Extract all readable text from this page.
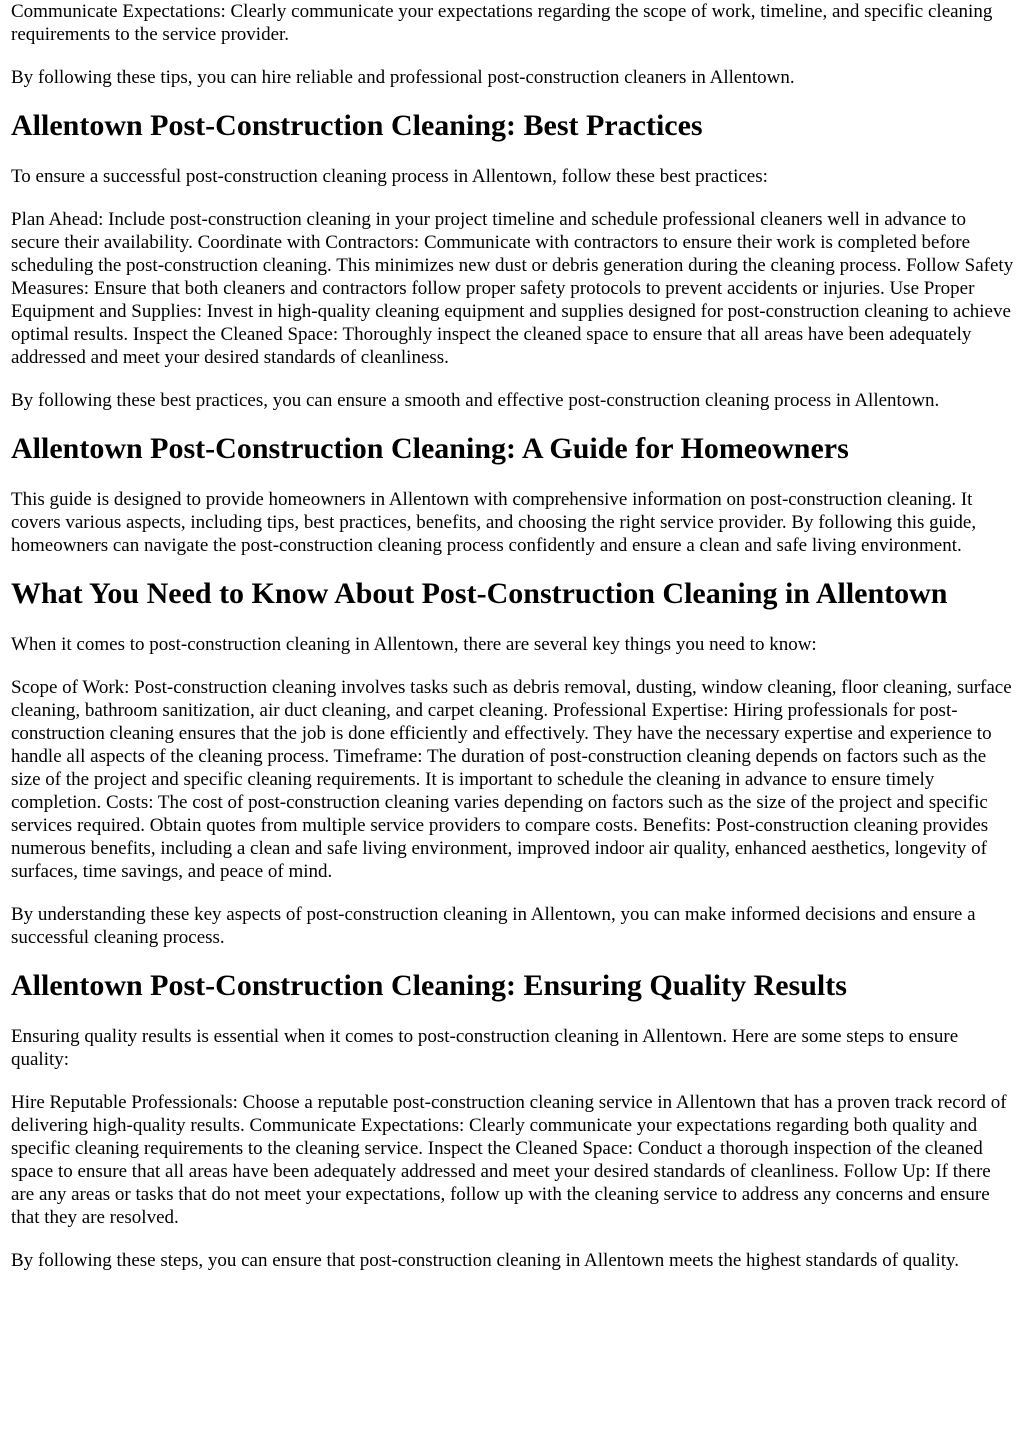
Communicate Expectations: Clearly communicate your expectations regarding the scope of work, timeline, and specific cleaning requirements to the service provider.

By following these tips, you can hire reliable and professional post-construction cleaners in Allentown.

Allentown Post-Construction Cleaning: Best Practices

To ensure a successful post-construction cleaning process in Allentown, follow these best practices:

Plan Ahead: Include post-construction cleaning in your project timeline and schedule professional cleaners well in advance to secure their availability. Coordinate with Contractors: Communicate with contractors to ensure their work is completed before scheduling the post-construction cleaning. This minimizes new dust or debris generation during the cleaning process. Follow Safety Measures: Ensure that both cleaners and contractors follow proper safety protocols to prevent accidents or injuries. Use Proper Equipment and Supplies: Invest in high-quality cleaning equipment and supplies designed for post-construction cleaning to achieve optimal results. Inspect the Cleaned Space: Thoroughly inspect the cleaned space to ensure that all areas have been adequately addressed and meet your desired standards of cleanliness.

By following these best practices, you can ensure a smooth and effective post-construction cleaning process in Allentown.

Allentown Post-Construction Cleaning: A Guide for Homeowners

This guide is designed to provide homeowners in Allentown with comprehensive information on post-construction cleaning. It covers various aspects, including tips, best practices, benefits, and choosing the right service provider. By following this guide, homeowners can navigate the post-construction cleaning process confidently and ensure a clean and safe living environment.

What You Need to Know About Post-Construction Cleaning in Allentown

When it comes to post-construction cleaning in Allentown, there are several key things you need to know:

Scope of Work: Post-construction cleaning involves tasks such as debris removal, dusting, window cleaning, floor cleaning, surface cleaning, bathroom sanitization, air duct cleaning, and carpet cleaning. Professional Expertise: Hiring professionals for post-construction cleaning ensures that the job is done efficiently and effectively. They have the necessary expertise and experience to handle all aspects of the cleaning process. Timeframe: The duration of post-construction cleaning depends on factors such as the size of the project and specific cleaning requirements. It is important to schedule the cleaning in advance to ensure timely completion. Costs: The cost of post-construction cleaning varies depending on factors such as the size of the project and specific services required. Obtain quotes from multiple service providers to compare costs. Benefits: Post-construction cleaning provides numerous benefits, including a clean and safe living environment, improved indoor air quality, enhanced aesthetics, longevity of surfaces, time savings, and peace of mind.

By understanding these key aspects of post-construction cleaning in Allentown, you can make informed decisions and ensure a successful cleaning process.

Allentown Post-Construction Cleaning: Ensuring Quality Results

Ensuring quality results is essential when it comes to post-construction cleaning in Allentown. Here are some steps to ensure quality:

Hire Reputable Professionals: Choose a reputable post-construction cleaning service in Allentown that has a proven track record of delivering high-quality results. Communicate Expectations: Clearly communicate your expectations regarding both quality and specific cleaning requirements to the cleaning service. Inspect the Cleaned Space: Conduct a thorough inspection of the cleaned space to ensure that all areas have been adequately addressed and meet your desired standards of cleanliness. Follow Up: If there are any areas or tasks that do not meet your expectations, follow up with the cleaning service to address any concerns and ensure that they are resolved.

By following these steps, you can ensure that post-construction cleaning in Allentown meets the highest standards of quality.
